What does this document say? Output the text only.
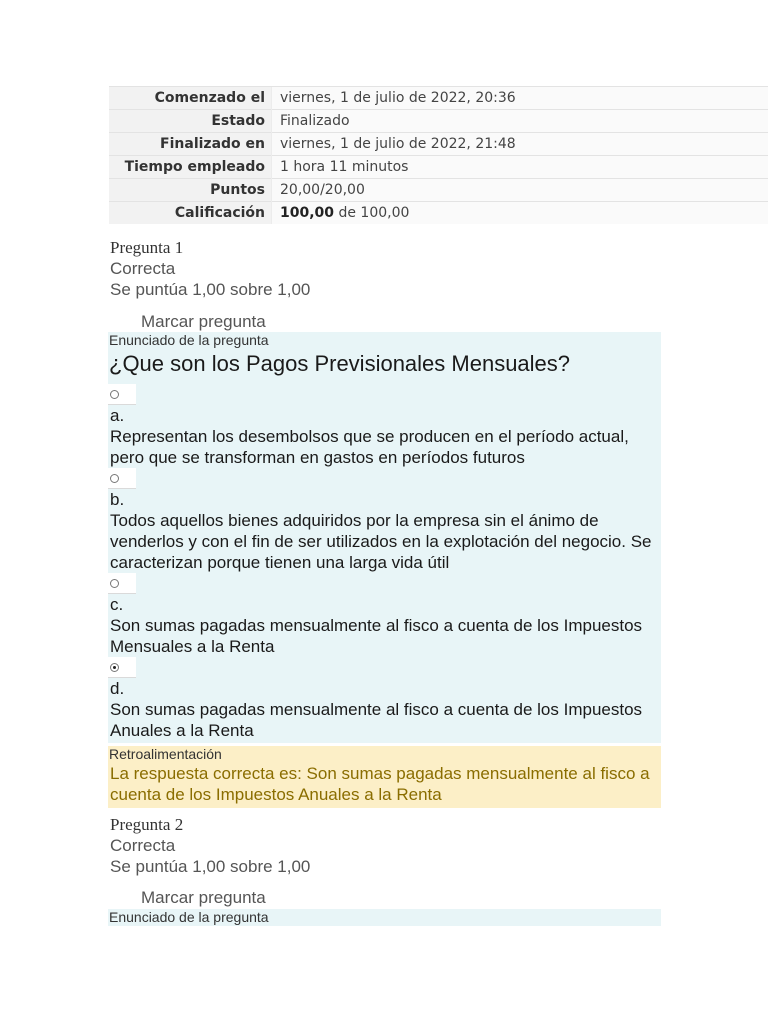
Comenzado el	viernes, 1 de julio de 2022, 20:36
Estado	Finalizado
Finalizado en	viernes, 1 de julio de 2022, 21:48
Tiempo empleado	1 hora 11 minutos
Puntos	20,00/20,00
Calificación	100,00 de 100,00
Pregunta 1
Correcta
Se puntúa 1,00 sobre 1,00
Marcar pregunta
Enunciado de la pregunta
¿Que son los Pagos Previsionales Mensuales?
a.
Representan los desembolsos que se producen en el período actual, pero que se transforman en gastos en períodos futuros
b.
Todos aquellos bienes adquiridos por la empresa sin el ánimo de venderlos y con el fin de ser utilizados en la explotación del negocio. Se caracterizan porque tienen una larga vida útil
c.
Son sumas pagadas mensualmente al fisco a cuenta de los Impuestos Mensuales a la Renta
d.
Son sumas pagadas mensualmente al fisco a cuenta de los Impuestos Anuales a la Renta
Retroalimentación
La respuesta correcta es: Son sumas pagadas mensualmente al fisco a cuenta de los Impuestos Anuales a la Renta
Pregunta 2
Correcta
Se puntúa 1,00 sobre 1,00
Marcar pregunta
Enunciado de la pregunta
